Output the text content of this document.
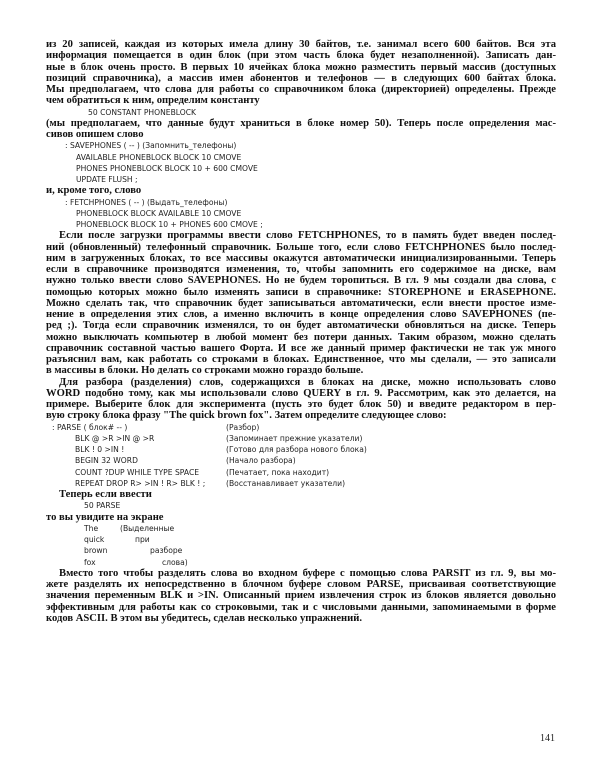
из 20 записей, каждая из которых имела длину 30 байтов, т.е. занимал всего 600 байтов. Вся эта
информация помещается в один блок (при этом часть блока будет незаполненной). Записать дан-
ные в блок очень просто. В первых 10 ячейках блока можно разместить первый массив (доступных
позиций справочника), а массив имен абонентов и телефонов — в следующих 600 байтах блока.
Мы предполагаем, что слова для работы со справочником блока (директорией) определены. Прежде
чем обратиться к ним, определим константу
50 CONSTANT PHONEBLOCK
(мы предполагаем, что данные будут храниться в блоке номер 50). Теперь после определения мас-
сивов опишем слово
: SAVEPHONES ( -- ) (Запомнить_телефоны)
AVAILABLE PHONEBLOCK BLOCK 10 CMOVE
PHONES PHONEBLOCK BLOCK 10 + 600 CMOVE
UPDATE FLUSH ;
и, кроме того, слово
: FETCHPHONES ( -- ) (Выдать_телефоны)
PHONEBLOCK BLOCK AVAILABLE 10 CMOVE
PHONEBLOCK BLOCK 10 + PHONES 600 CMOVE ;
Если после загрузки программы ввести слово FETCHPHONES, то в память будет введен послед-
ний (обновленный) телефонный справочник. Больше того, если слово FETCHPHONES было послед-
ним в загруженных блоках, то все массивы окажутся автоматически инициализированными. Теперь
если в справочнике производятся изменения, то, чтобы запомнить его содержимое на диске, вам
нужно только ввести слово SAVEPHONES. Но не будем торопиться. В гл. 9 мы создали два слова, с
помощью которых можно было изменять записи в справочнике: STOREPHONE и ERASEPHONE.
Можно сделать так, что справочник будет записываться автоматически, если внести простое изме-
нение в определения этих слов, а именно включить в конце определения слово SAVEPHONES (пе-
ред ;). Тогда если справочник изменялся, то он будет автоматически обновляться на диске. Теперь
можно выключать компьютер в любой момент без потери данных. Таким образом, можно сделать
справочник составной частью вашего Форта. И все же данный пример фактически не так уж много
разъяснил вам, как работать со строками в блоках. Единственное, что мы сделали, — это записали
в массивы в блоки. Но делать со строками можно гораздо больше.
Для разбора (разделения) слов, содержащихся в блоках на диске, можно использовать слово
WORD подобно тому, как мы использовали слово QUERY в гл. 9. Рассмотрим, как это делается, на
примере. Выберите блок для эксперимента (пусть это будет блок 50) и введите редактором в пер-
вую строку блока фразу "The quick brown fox". Затем определите следующее слово:
: PARSE ( блок# -- )	(Разбор)
BLK @ >R >IN @ >R	(Запоминает прежние указатели)
BLK ! 0 >IN !	(Готово для разбора нового блока)
BEGIN 32 WORD	(Начало разбора)
COUNT ?DUP WHILE TYPE SPACE	(Печатает, пока находит)
REPEAT DROP R> >IN ! R> BLK ! ;	(Восстанавливает указатели)
Теперь если ввести
50 PARSE
то вы увидите на экране
The	(Выделенные
quick	при
brown	разборе
fox	слова)
Вместо того чтобы разделять слова во входном буфере с помощью слова PARSIT из гл. 9, вы мо-
жете разделять их непосредственно в блочном буфере словом PARSE, присваивая соответствующие
значения переменным BLK и >IN. Описанный прием извлечения строк из блоков является довольно
эффективным для работы как со строковыми, так и с числовыми данными, запоминаемыми в форме
кодов ASCII. В этом вы убедитесь, сделав несколько упражнений.
141
